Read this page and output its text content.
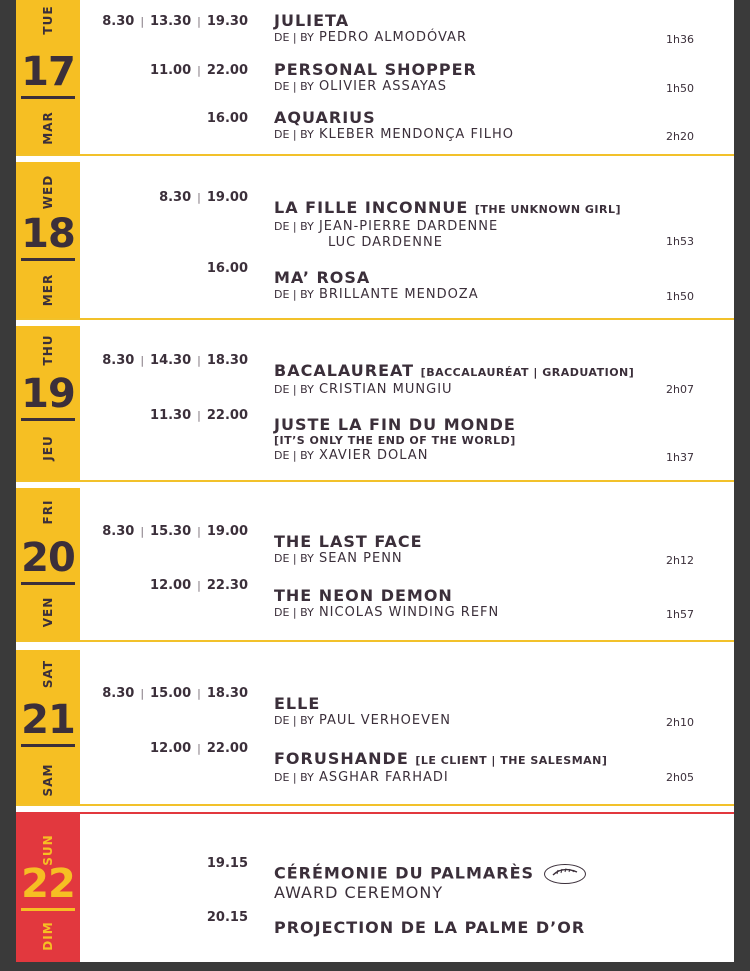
TUE
17
MAR
8.30 | 13.30 | 19.30 JULIETA
DE | BY PEDRO ALMODÓVAR	1h36
11.00 | 22.00 PERSONAL SHOPPER
DE | BY OLIVIER ASSAYAS	1h50
16.00 AQUARIUS
DE | BY KLEBER MENDONÇA FILHO	2h20
WED
18
MER
8.30 | 19.00
LA FILLE INCONNUE [THE UNKNOWN GIRL]
DE | BY JEAN-PIERRE DARDENNE
LUC DARDENNE	1h53
16.00 MA’ ROSA
DE | BY BRILLANTE MENDOZA	1h50
THU
19
JEU
8.30 | 14.30 | 18.30
BACALAUREAT [BACCALAURÉAT | GRADUATION]
DE | BY CRISTIAN MUNGIU	2h07
11.30 | 22.00 JUSTE LA FIN DU MONDE
[IT’S ONLY THE END OF THE WORLD]
DE | BY XAVIER DOLAN	1h37
FRI
20
VEN
8.30 | 15.30 | 19.00
THE LAST FACE
DE | BY SEAN PENN	2h12
12.00 | 22.30
THE NEON DEMON
DE | BY NICOLAS WINDING REFN	1h57
SAT
21
SAM
8.30 | 15.00 | 18.30
ELLE
DE | BY PAUL VERHOEVEN	2h10
12.00 | 22.00
FORUSHANDE [LE CLIENT | THE SALESMAN]
DE | BY ASGHAR FARHADI	2h05
SUN
22
DIM
19.15 CÉRÉMONIE DU PALMARÈS
AWARD CEREMONY
20.15
PROJECTION DE LA PALME D’OR
